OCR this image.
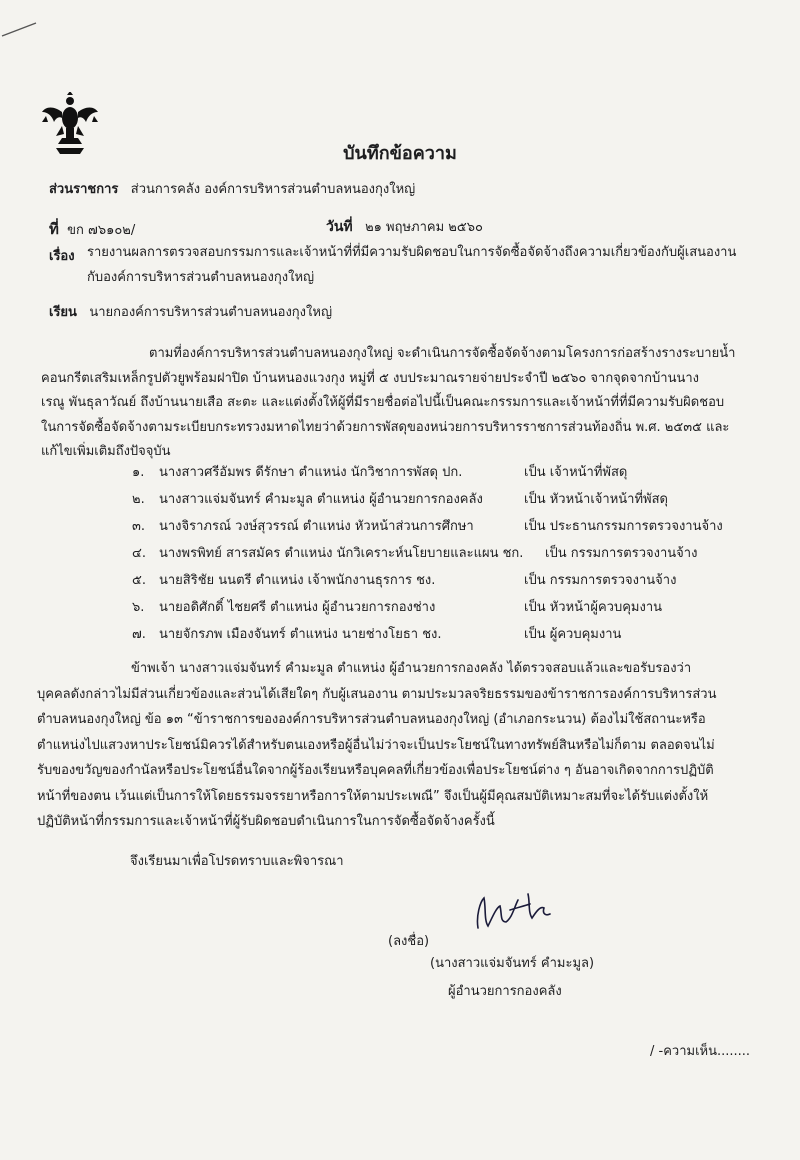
บันทึกข้อความ
ส่วนราชการ ส่วนการคลัง องค์การบริหารส่วนตำบลหนองกุงใหญ่
ที่ ขก ๗๖๑๐๒/	วันที่ ๒๑ พฤษภาคม ๒๕๖๐
เรื่อง รายงานผลการตรวจสอบกรรมการและเจ้าหน้าที่ที่มีความรับผิดชอบในการจัดซื้อจัดจ้างถึงความเกี่ยวข้องกับผู้เสนองาน
กับองค์การบริหารส่วนตำบลหนองกุงใหญ่
เรียน นายกองค์การบริหารส่วนตำบลหนองกุงใหญ่
ตามที่องค์การบริหารส่วนตำบลหนองกุงใหญ่ จะดำเนินการจัดซื้อจัดจ้างตามโครงการก่อสร้างรางระบายน้ำ
คอนกรีตเสริมเหล็กรูปตัวยูพร้อมฝาปิด บ้านหนองแวงกุง หมู่ที่ ๕ งบประมาณรายจ่ายประจำปี ๒๕๖๐ จากจุดจากบ้านนาง
เรณู พันธุลาวัณย์ ถึงบ้านนายเสือ สะตะ และแต่งตั้งให้ผู้ที่มีรายชื่อต่อไปนี้เป็นคณะกรรมการและเจ้าหน้าที่ที่มีความรับผิดชอบ
ในการจัดซื้อจัดจ้างตามระเบียบกระทรวงมหาดไทยว่าด้วยการพัสดุของหน่วยการบริหารราชการส่วนท้องถิ่น พ.ศ. ๒๕๓๕ และ
แก้ไขเพิ่มเติมถึงปัจจุบัน
๑. นางสาวศรีอัมพร ดีรักษา ตำแหน่ง นักวิชาการพัสดุ ปก.	เป็น เจ้าหน้าที่พัสดุ
๒. นางสาวแจ่มจันทร์ คำมะมูล ตำแหน่ง ผู้อำนวยการกองคลัง	เป็น หัวหน้าเจ้าหน้าที่พัสดุ
๓. นางจิราภรณ์ วงษ์สุวรรณ์ ตำแหน่ง หัวหน้าส่วนการศึกษา	เป็น ประธานกรรมการตรวจงานจ้าง
๔. นางพรพิทย์ สารสมัคร ตำแหน่ง นักวิเคราะห์นโยบายและแผน ชก. เป็น กรรมการตรวจงานจ้าง
๕. นายสิริชัย นนตรี ตำแหน่ง เจ้าพนักงานธุรการ ชง.	เป็น กรรมการตรวจงานจ้าง
๖. นายอดิศักดิ์ ไชยศรี ตำแหน่ง ผู้อำนวยการกองช่าง	เป็น หัวหน้าผู้ควบคุมงาน
๗. นายจักรภพ เมืองจันทร์ ตำแหน่ง นายช่างโยธา ชง.	เป็น ผู้ควบคุมงาน
ข้าพเจ้า นางสาวแจ่มจันทร์ คำมะมูล ตำแหน่ง ผู้อำนวยการกองคลัง ได้ตรวจสอบแล้วและขอรับรองว่า
บุคคลดังกล่าวไม่มีส่วนเกี่ยวข้องและส่วนได้เสียใดๆ กับผู้เสนองาน ตามประมวลจริยธรรมของข้าราชการองค์การบริหารส่วน
ตำบลหนองกุงใหญ่ ข้อ ๑๓ “ข้าราชการขององค์การบริหารส่วนตำบลหนองกุงใหญ่ (อำเภอกระนวน) ต้องไม่ใช้สถานะหรือ
ตำแหน่งไปแสวงหาประโยชน์มิควรได้สำหรับตนเองหรือผู้อื่นไม่ว่าจะเป็นประโยชน์ในทางทรัพย์สินหรือไม่ก็ตาม ตลอดจนไม่
รับของขวัญของกำนัลหรือประโยชน์อื่นใดจากผู้ร้องเรียนหรือบุคคลที่เกี่ยวข้องเพื่อประโยชน์ต่าง ๆ อันอาจเกิดจากการปฏิบัติ
หน้าที่ของตน เว้นแต่เป็นการให้โดยธรรมจรรยาหรือการให้ตามประเพณี” จึงเป็นผู้มีคุณสมบัติเหมาะสมที่จะได้รับแต่งตั้งให้
ปฏิบัติหน้าที่กรรมการและเจ้าหน้าที่ผู้รับผิดชอบดำเนินการในการจัดซื้อจัดจ้างครั้งนี้
จึงเรียนมาเพื่อโปรดทราบและพิจารณา
(ลงชื่อ)
(นางสาวแจ่มจันทร์ คำมะมูล)
ผู้อำนวยการกองคลัง
/ -ความเห็น........
